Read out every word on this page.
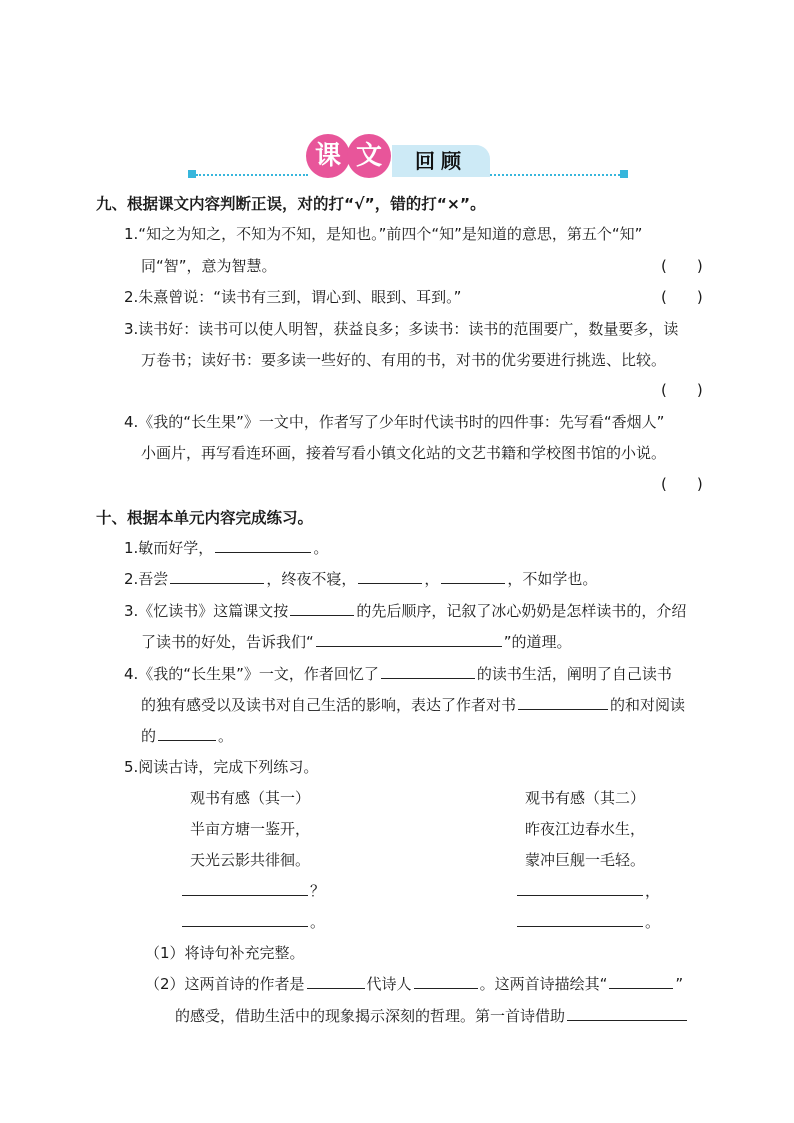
课 文	回顾
九、根据课文内容判断正误，对的打“√”，错的打“×”。
1.“知之为知之，不知为不知，是知也。”前四个“知”是知道的意思，第五个“知”
同“智”，意为智慧。	(　　)
2.朱熹曾说：“读书有三到，谓心到、眼到、耳到。”	(　　)
3.读书好：读书可以使人明智，获益良多；多读书：读书的范围要广，数量要多，读
万卷书；读好书：要多读一些好的、有用的书，对书的优劣要进行挑选、比较。
(　　)
4.《我的“长生果”》一文中，作者写了少年时代读书时的四件事：先写看“香烟人”
小画片，再写看连环画，接着写看小镇文化站的文艺书籍和学校图书馆的小说。
(　　)
十、根据本单元内容完成练习。
1.敏而好学，	。
2.吾尝	，终夜不寝，	，	，不如学也。
3.《忆读书》这篇课文按	的先后顺序，记叙了冰心奶奶是怎样读书的，介绍
了读书的好处，告诉我们“	”的道理。
4.《我的“长生果”》一文，作者回忆了	的读书生活，阐明了自己读书
的独有感受以及读书对自己生活的影响，表达了作者对书	的和对阅读
的	。
5.阅读古诗，完成下列练习。
观书有感（其一）
半亩方塘一鉴开，
天光云影共徘徊。
？
。
观书有感（其二）
昨夜江边春水生，
蒙冲巨舰一毛轻。
，
。
（1）将诗句补充完整。
（2）这两首诗的作者是	代诗人	。这两首诗描绘其“	”
的感受，借助生活中的现象揭示深刻的哲理。第一首诗借助
